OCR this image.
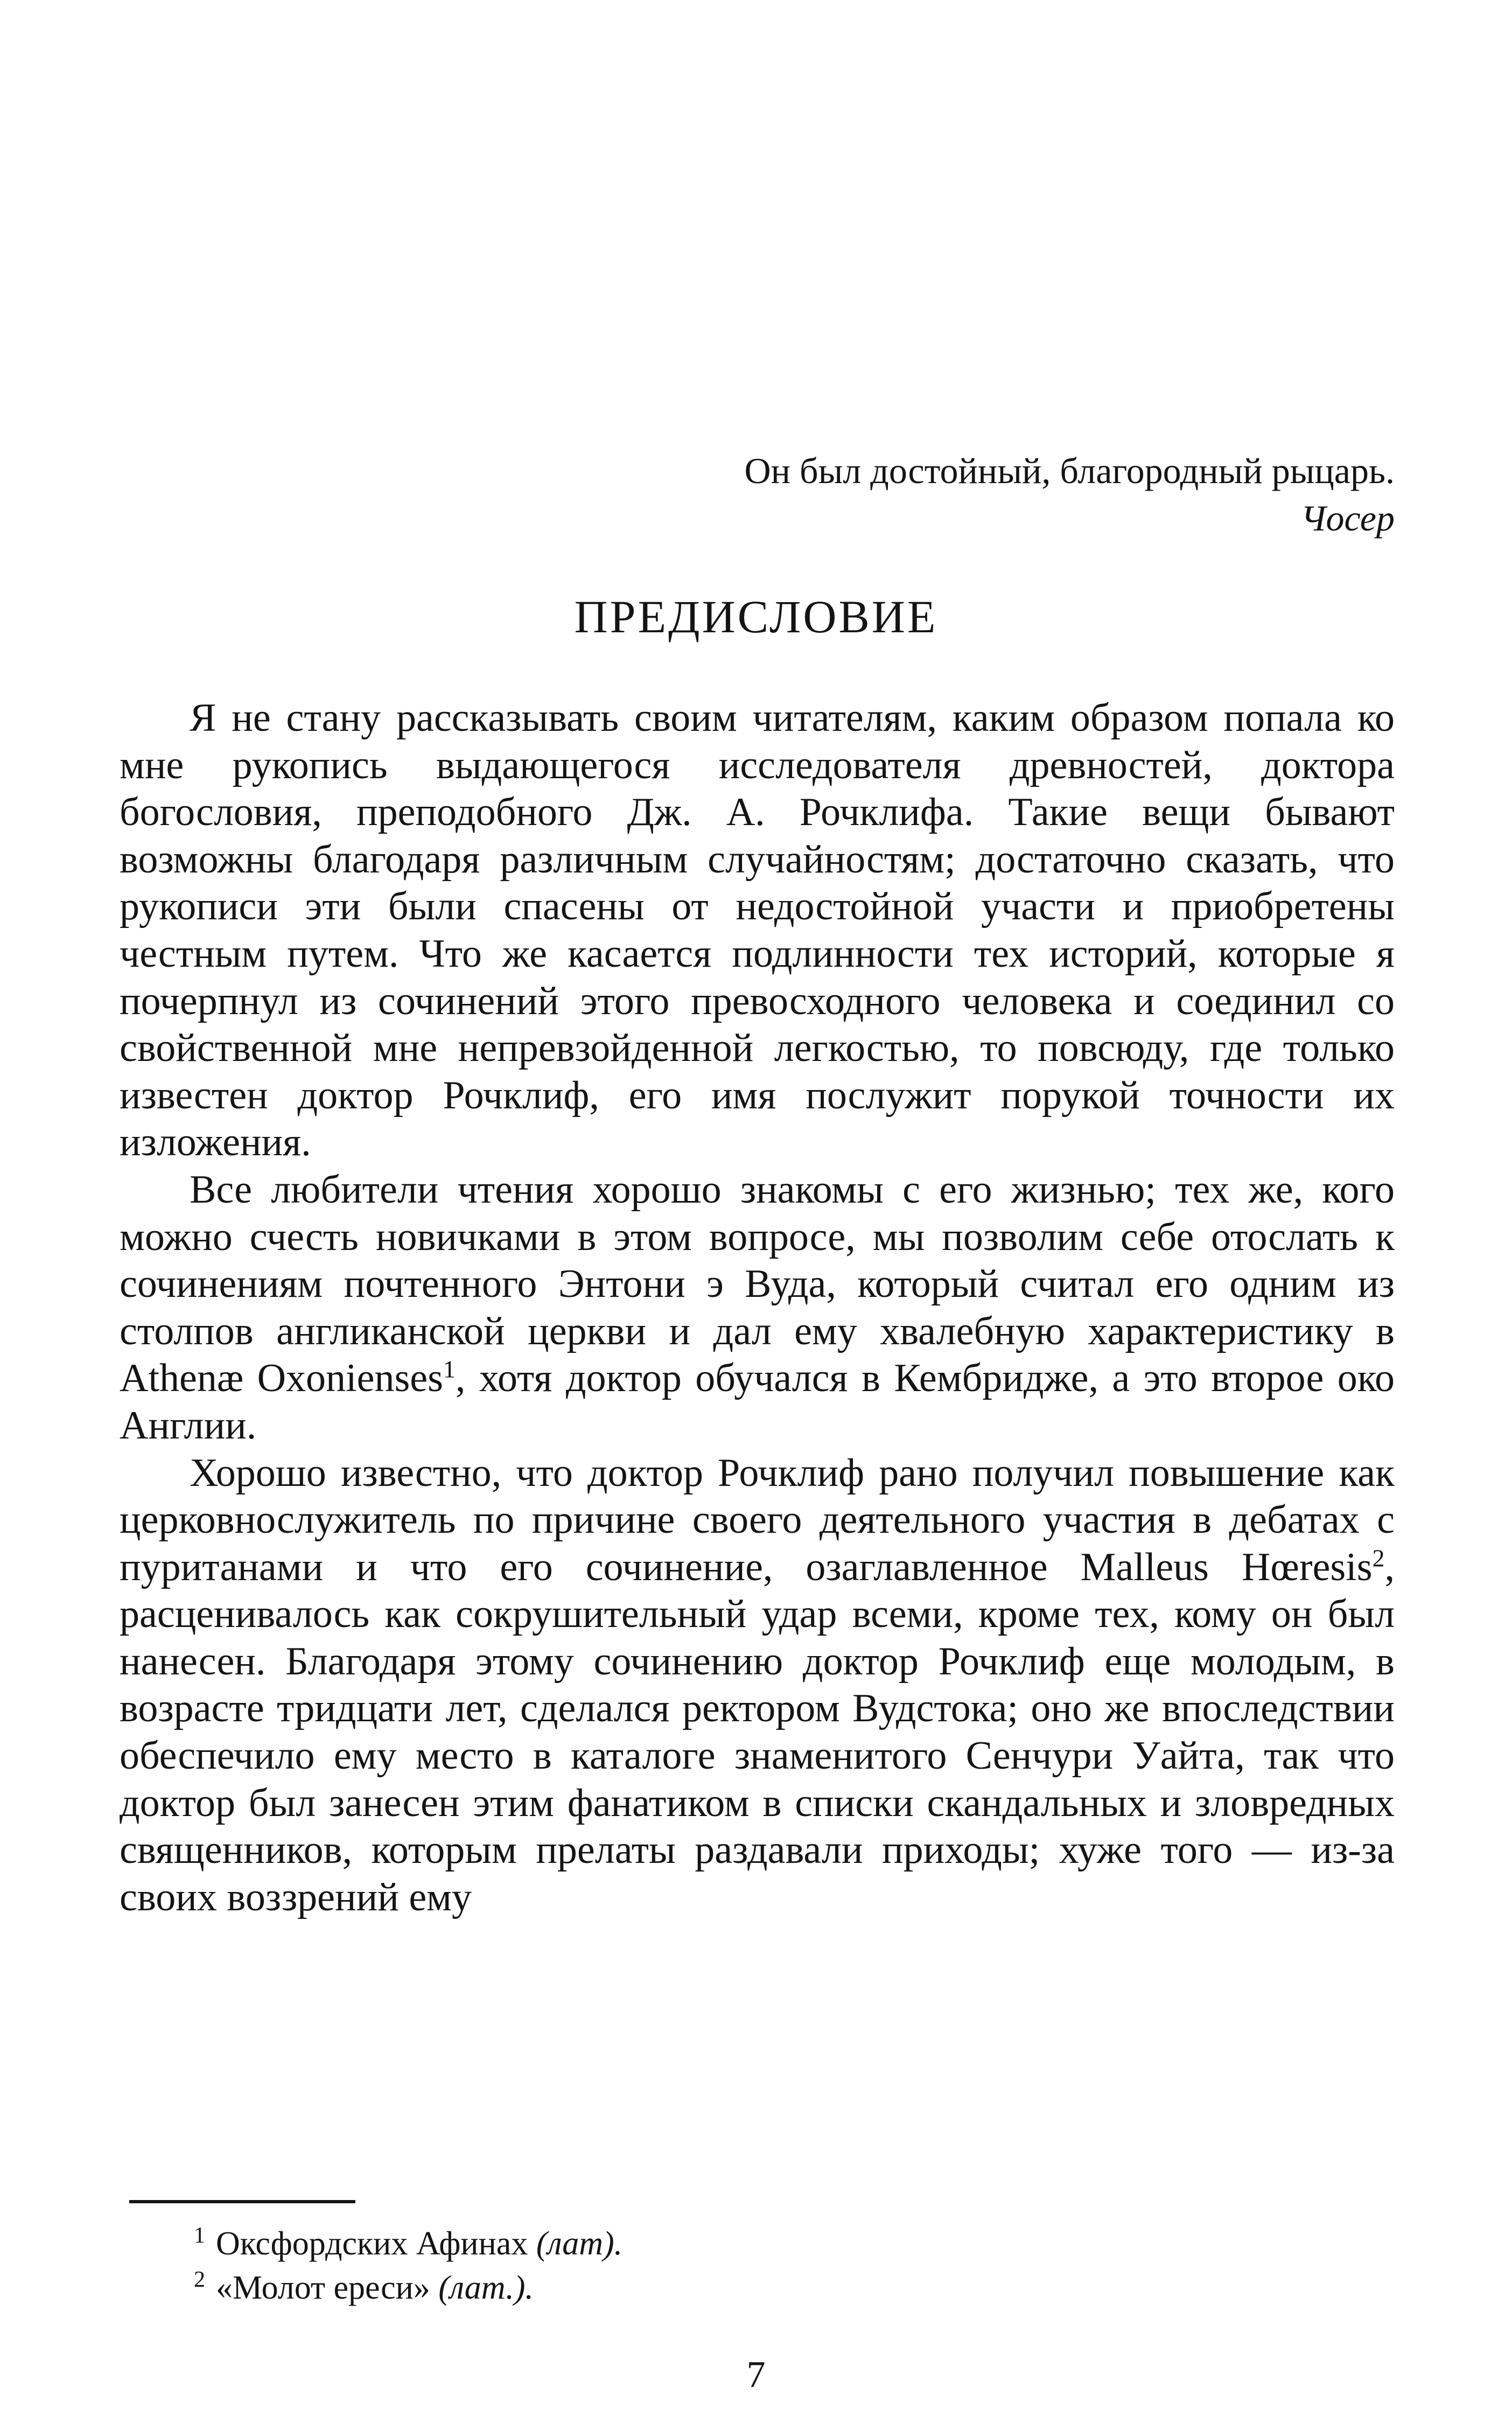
Он был достойный, благородный рыцарь.
Чосер
ПРЕДИСЛОВИЕ

Я не стану рассказывать своим читателям, каким образом попала ко мне рукопись выдающегося исследователя древностей, доктора богословия, преподобного Дж. А. Рочклифа. Такие вещи бывают возможны благодаря различным случайностям; достаточно сказать, что рукописи эти были спасены от недостойной участи и приобретены честным путем. Что же касается подлинности тех историй, которые я почерпнул из сочинений этого превосходного человека и соединил со свойственной мне непревзойденной легкостью, то повсюду, где только известен доктор Рочклиф, его имя послужит порукой точности их изложения.

Все любители чтения хорошо знакомы с его жизнью; тех же, кого можно счесть новичками в этом вопросе, мы позволим себе отослать к сочинениям почтенного Энтони э Вуда, который считал его одним из столпов англиканской церкви и дал ему хвалебную характеристику в Athenæ Oxonienses$^1$, хотя доктор обучался в Кембридже, а это второе око Англии.

Хорошо известно, что доктор Рочклиф рано получил повышение как церковнослужитель по причине своего деятельного участия в дебатах с пуританами и что его сочинение, озаглавленное Malleus Hœresis$^2$, расценивалось как сокрушительный удар всеми, кроме тех, кому он был нанесен. Благодаря этому сочинению доктор Рочклиф еще молодым, в возрасте тридцати лет, сделался ректором Вудстока; оно же впоследствии обеспечило ему место в каталоге знаменитого Сенчури Уайта, так что доктор был занесен этим фанатиком в списки скандальных и зловредных священников, которым прелаты раздавали приходы; хуже того — из-за своих воззрений ему

$^1$ Оксфордских Афинах (лат).

$^2$ «Молот ереси» (лат.).

7
